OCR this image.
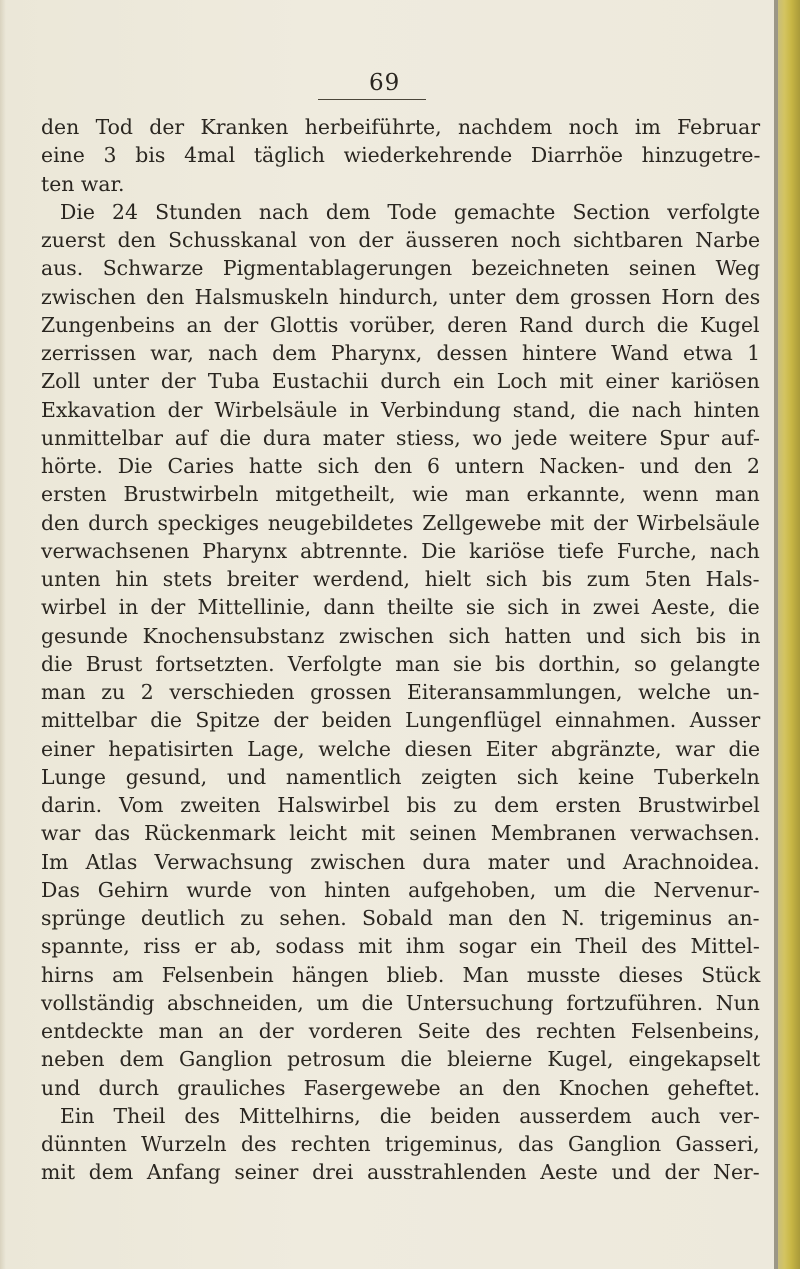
69
den Tod der Kranken herbeiführte, nachdem noch im Februar
eine 3 bis 4mal täglich wiederkehrende Diarrhöe hinzugetre-
ten war.
Die 24 Stunden nach dem Tode gemachte Section verfolgte
zuerst den Schusskanal von der äusseren noch sichtbaren Narbe
aus. Schwarze Pigmentablagerungen bezeichneten seinen Weg
zwischen den Halsmuskeln hindurch, unter dem grossen Horn des
Zungenbeins an der Glottis vorüber, deren Rand durch die Kugel
zerrissen war, nach dem Pharynx, dessen hintere Wand etwa 1
Zoll unter der Tuba Eustachii durch ein Loch mit einer kariösen
Exkavation der Wirbelsäule in Verbindung stand, die nach hinten
unmittelbar auf die dura mater stiess, wo jede weitere Spur auf-
hörte. Die Caries hatte sich den 6 untern Nacken- und den 2
ersten Brustwirbeln mitgetheilt, wie man erkannte, wenn man
den durch speckiges neugebildetes Zellgewebe mit der Wirbelsäule
verwachsenen Pharynx abtrennte. Die kariöse tiefe Furche, nach
unten hin stets breiter werdend, hielt sich bis zum 5ten Hals-
wirbel in der Mittellinie, dann theilte sie sich in zwei Aeste, die
gesunde Knochensubstanz zwischen sich hatten und sich bis in
die Brust fortsetzten. Verfolgte man sie bis dorthin, so gelangte
man zu 2 verschieden grossen Eiteransammlungen, welche un-
mittelbar die Spitze der beiden Lungenflügel einnahmen. Ausser
einer hepatisirten Lage, welche diesen Eiter abgränzte, war die
Lunge gesund, und namentlich zeigten sich keine Tuberkeln
darin. Vom zweiten Halswirbel bis zu dem ersten Brustwirbel
war das Rückenmark leicht mit seinen Membranen verwachsen.
Im Atlas Verwachsung zwischen dura mater und Arachnoidea.
Das Gehirn wurde von hinten aufgehoben, um die Nervenur-
sprünge deutlich zu sehen. Sobald man den N. trigeminus an-
spannte, riss er ab, sodass mit ihm sogar ein Theil des Mittel-
hirns am Felsenbein hängen blieb. Man musste dieses Stück
vollständig abschneiden, um die Untersuchung fortzuführen. Nun
entdeckte man an der vorderen Seite des rechten Felsenbeins,
neben dem Ganglion petrosum die bleierne Kugel, eingekapselt
und durch grauliches Fasergewebe an den Knochen geheftet.
Ein Theil des Mittelhirns, die beiden ausserdem auch ver-
dünnten Wurzeln des rechten trigeminus, das Ganglion Gasseri,
mit dem Anfang seiner drei ausstrahlenden Aeste und der Ner-
